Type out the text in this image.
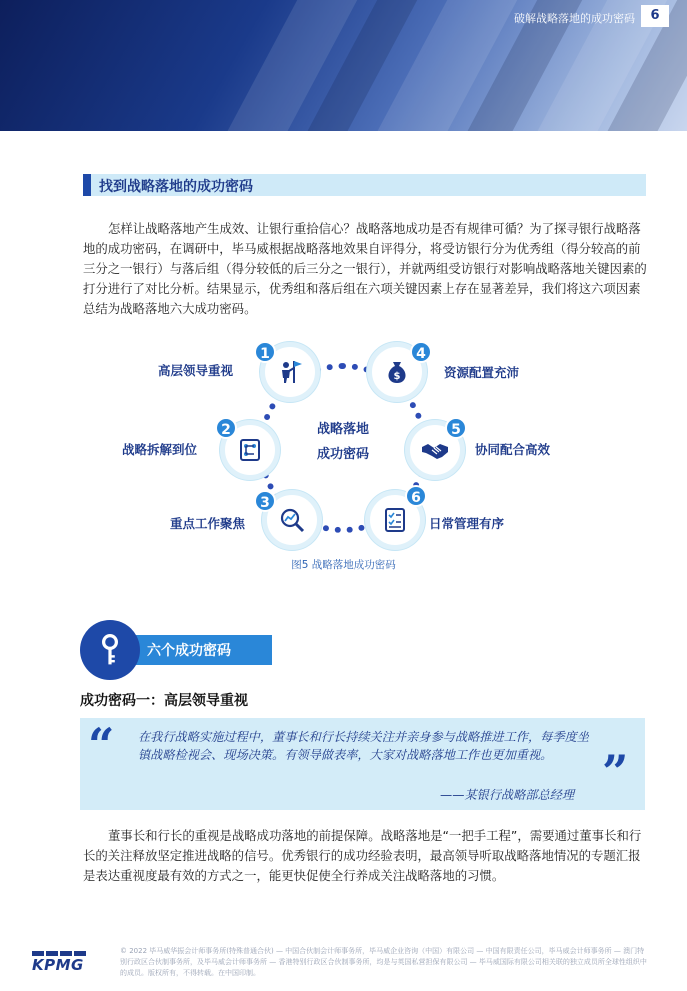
破解战略落地的成功密码	6
找到战略落地的成功密码
怎样让战略落地产生成效、让银行重拾信心？战略落地成功是否有规律可循？为了探寻银行战略落地的成功密码，在调研中，毕马威根据战略落地效果自评得分，将受访银行分为优秀组（得分较高的前三分之一银行）与落后组（得分较低的后三分之一银行），并就两组受访银行对影响战略落地关键因素的打分进行了对比分析。结果显示，优秀组和落后组在六项关键因素上存在显著差异，我们将这六项因素总结为战略落地六大成功密码。
战略落地
成功密码
1
高层领导重视
2
战略拆解到位
3
重点工作聚焦
$
4
资源配置充沛
5
协同配合高效
6
日常管理有序
图5 战略落地成功密码
六个成功密码
成功密码一：高层领导重视
“	”
在我行战略实施过程中，董事长和行长持续关注并亲身参与战略推进工作，每季度坐镇战略检视会、现场决策。有领导做表率，大家对战略落地工作也更加重视。
——某银行战略部总经理
董事长和行长的重视是战略成功落地的前提保障。战略落地是“一把手工程”，需要通过董事长和行长的关注释放坚定推进战略的信号。优秀银行的成功经验表明，最高领导听取战略落地情况的专题汇报是表达重视度最有效的方式之一，能更快促使全行养成关注战略落地的习惯。
KPMG
© 2022 毕马威华振会计师事务所(特殊普通合伙) — 中国合伙制会计师事务所，毕马威企业咨询（中国）有限公司 — 中国有限责任公司，毕马威会计师事务所 — 澳门特别行政区合伙制事务所，及毕马威会计师事务所 — 香港特别行政区合伙制事务所，均是与英国私营担保有限公司 — 毕马威国际有限公司相关联的独立成员所全球性组织中的成员。版权所有，不得转载。在中国印制。
